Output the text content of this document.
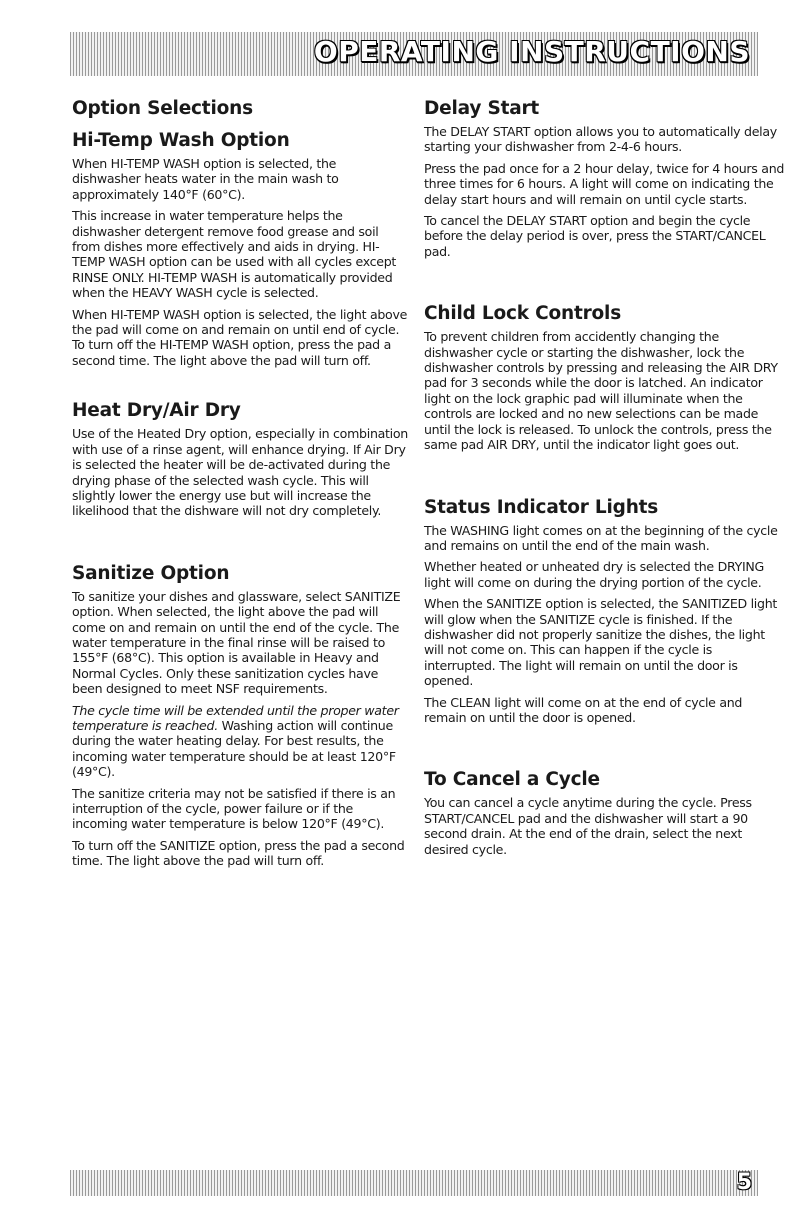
OPERATING INSTRUCTIONS
Option Selections
Hi-Temp Wash Option

When HI-TEMP WASH option is selected, the dishwasher heats water in the main wash to approximately 140°F (60°C).

This increase in water temperature helps the dishwasher detergent remove food grease and soil from dishes more effectively and aids in drying. HI-TEMP WASH option can be used with all cycles except RINSE ONLY. HI-TEMP WASH is automatically provided when the HEAVY WASH cycle is selected.

When HI-TEMP WASH option is selected, the light above the pad will come on and remain on until end of cycle. To turn off the HI-TEMP WASH option, press the pad a second time. The light above the pad will turn off.

Heat Dry/Air Dry

Use of the Heated Dry option, especially in combination with use of a rinse agent, will enhance drying. If Air Dry is selected the heater will be de-activated during the drying phase of the selected wash cycle. This will slightly lower the energy use but will increase the likelihood that the dishware will not dry completely.

Sanitize Option

To sanitize your dishes and glassware, select SANITIZE option. When selected, the light above the pad will come on and remain on until the end of the cycle. The water temperature in the final rinse will be raised to 155°F (68°C). This option is available in Heavy and Normal Cycles. Only these sanitization cycles have been designed to meet NSF requirements.

The cycle time will be extended until the proper water temperature is reached. Washing action will continue during the water heating delay. For best results, the incoming water temperature should be at least 120°F (49°C).

The sanitize criteria may not be satisfied if there is an interruption of the cycle, power failure or if the incoming water temperature is below 120°F (49°C).

To turn off the SANITIZE option, press the pad a second time. The light above the pad will turn off.

Delay Start

The DELAY START option allows you to automatically delay starting your dishwasher from 2-4-6 hours.

Press the pad once for a 2 hour delay, twice for 4 hours and three times for 6 hours. A light will come on indicating the delay start hours and will remain on until cycle starts.

To cancel the DELAY START option and begin the cycle before the delay period is over, press the START/CANCEL pad.

Child Lock Controls

To prevent children from accidently changing the dishwasher cycle or starting the dishwasher, lock the dishwasher controls by pressing and releasing the AIR DRY pad for 3 seconds while the door is latched. An indicator light on the lock graphic pad will illuminate when the controls are locked and no new selections can be made until the lock is released. To unlock the controls, press the same pad AIR DRY, until the indicator light goes out.

Status Indicator Lights

The WASHING light comes on at the beginning of the cycle and remains on until the end of the main wash.

Whether heated or unheated dry is selected the DRYING light will come on during the drying portion of the cycle.

When the SANITIZE option is selected, the SANITIZED light will glow when the SANITIZE cycle is finished. If the dishwasher did not properly sanitize the dishes, the light will not come on. This can happen if the cycle is interrupted. The light will remain on until the door is opened.

The CLEAN light will come on at the end of cycle and remain on until the door is opened.

To Cancel a Cycle

You can cancel a cycle anytime during the cycle. Press START/CANCEL pad and the dishwasher will start a 90 second drain. At the end of the drain, select the next desired cycle.

5
